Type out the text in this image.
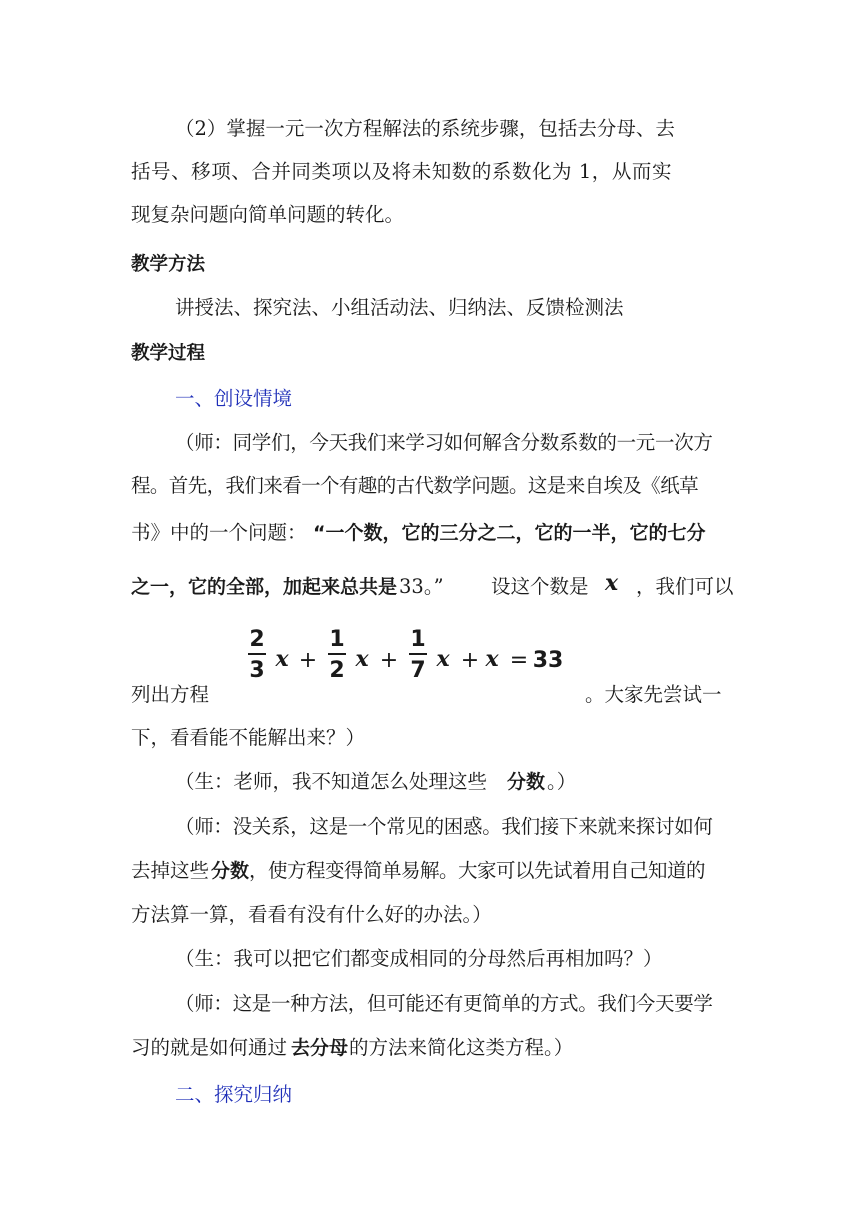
（2）掌握一元一次方程解法的系统步骤，包括去分母、去
括号、移项、合并同类项以及将未知数的系数化为 1，从而实
现复杂问题向简单问题的转化。
教学方法
讲授法、探究法、小组活动法、归纳法、反馈检测法
教学过程
一、创设情境
（师：同学们，今天我们来学习如何解含分数系数的一元一次方
程。首先，我们来看一个有趣的古代数学问题。这是来自埃及《纸草
书》中的一个问题： “一个数，它的三分之二，它的一半，它的七分
之一，它的全部，加起来总共是 33。” 设这个数是 ，我们可以
x
列出方程	。大家先尝试一
2
3 x +
1
2 x +
1
7 x + x = 33
下，看看能不能解出来？）
（生：老师，我不知道怎么处理这些 分数 。）
（师：没关系，这是一个常见的困惑。我们接下来就来探讨如何
去掉这些 分数 ，使方程变得简单易解。大家可以先试着用自己知道的
方法算一算，看看有没有什么好的办法。）
（生：我可以把它们都变成相同的分母然后再相加吗？）
（师：这是一种方法，但可能还有更简单的方式。我们今天要学
习的就是如何通过 去分母 的方法来简化这类方程。）
二、探究归纳
